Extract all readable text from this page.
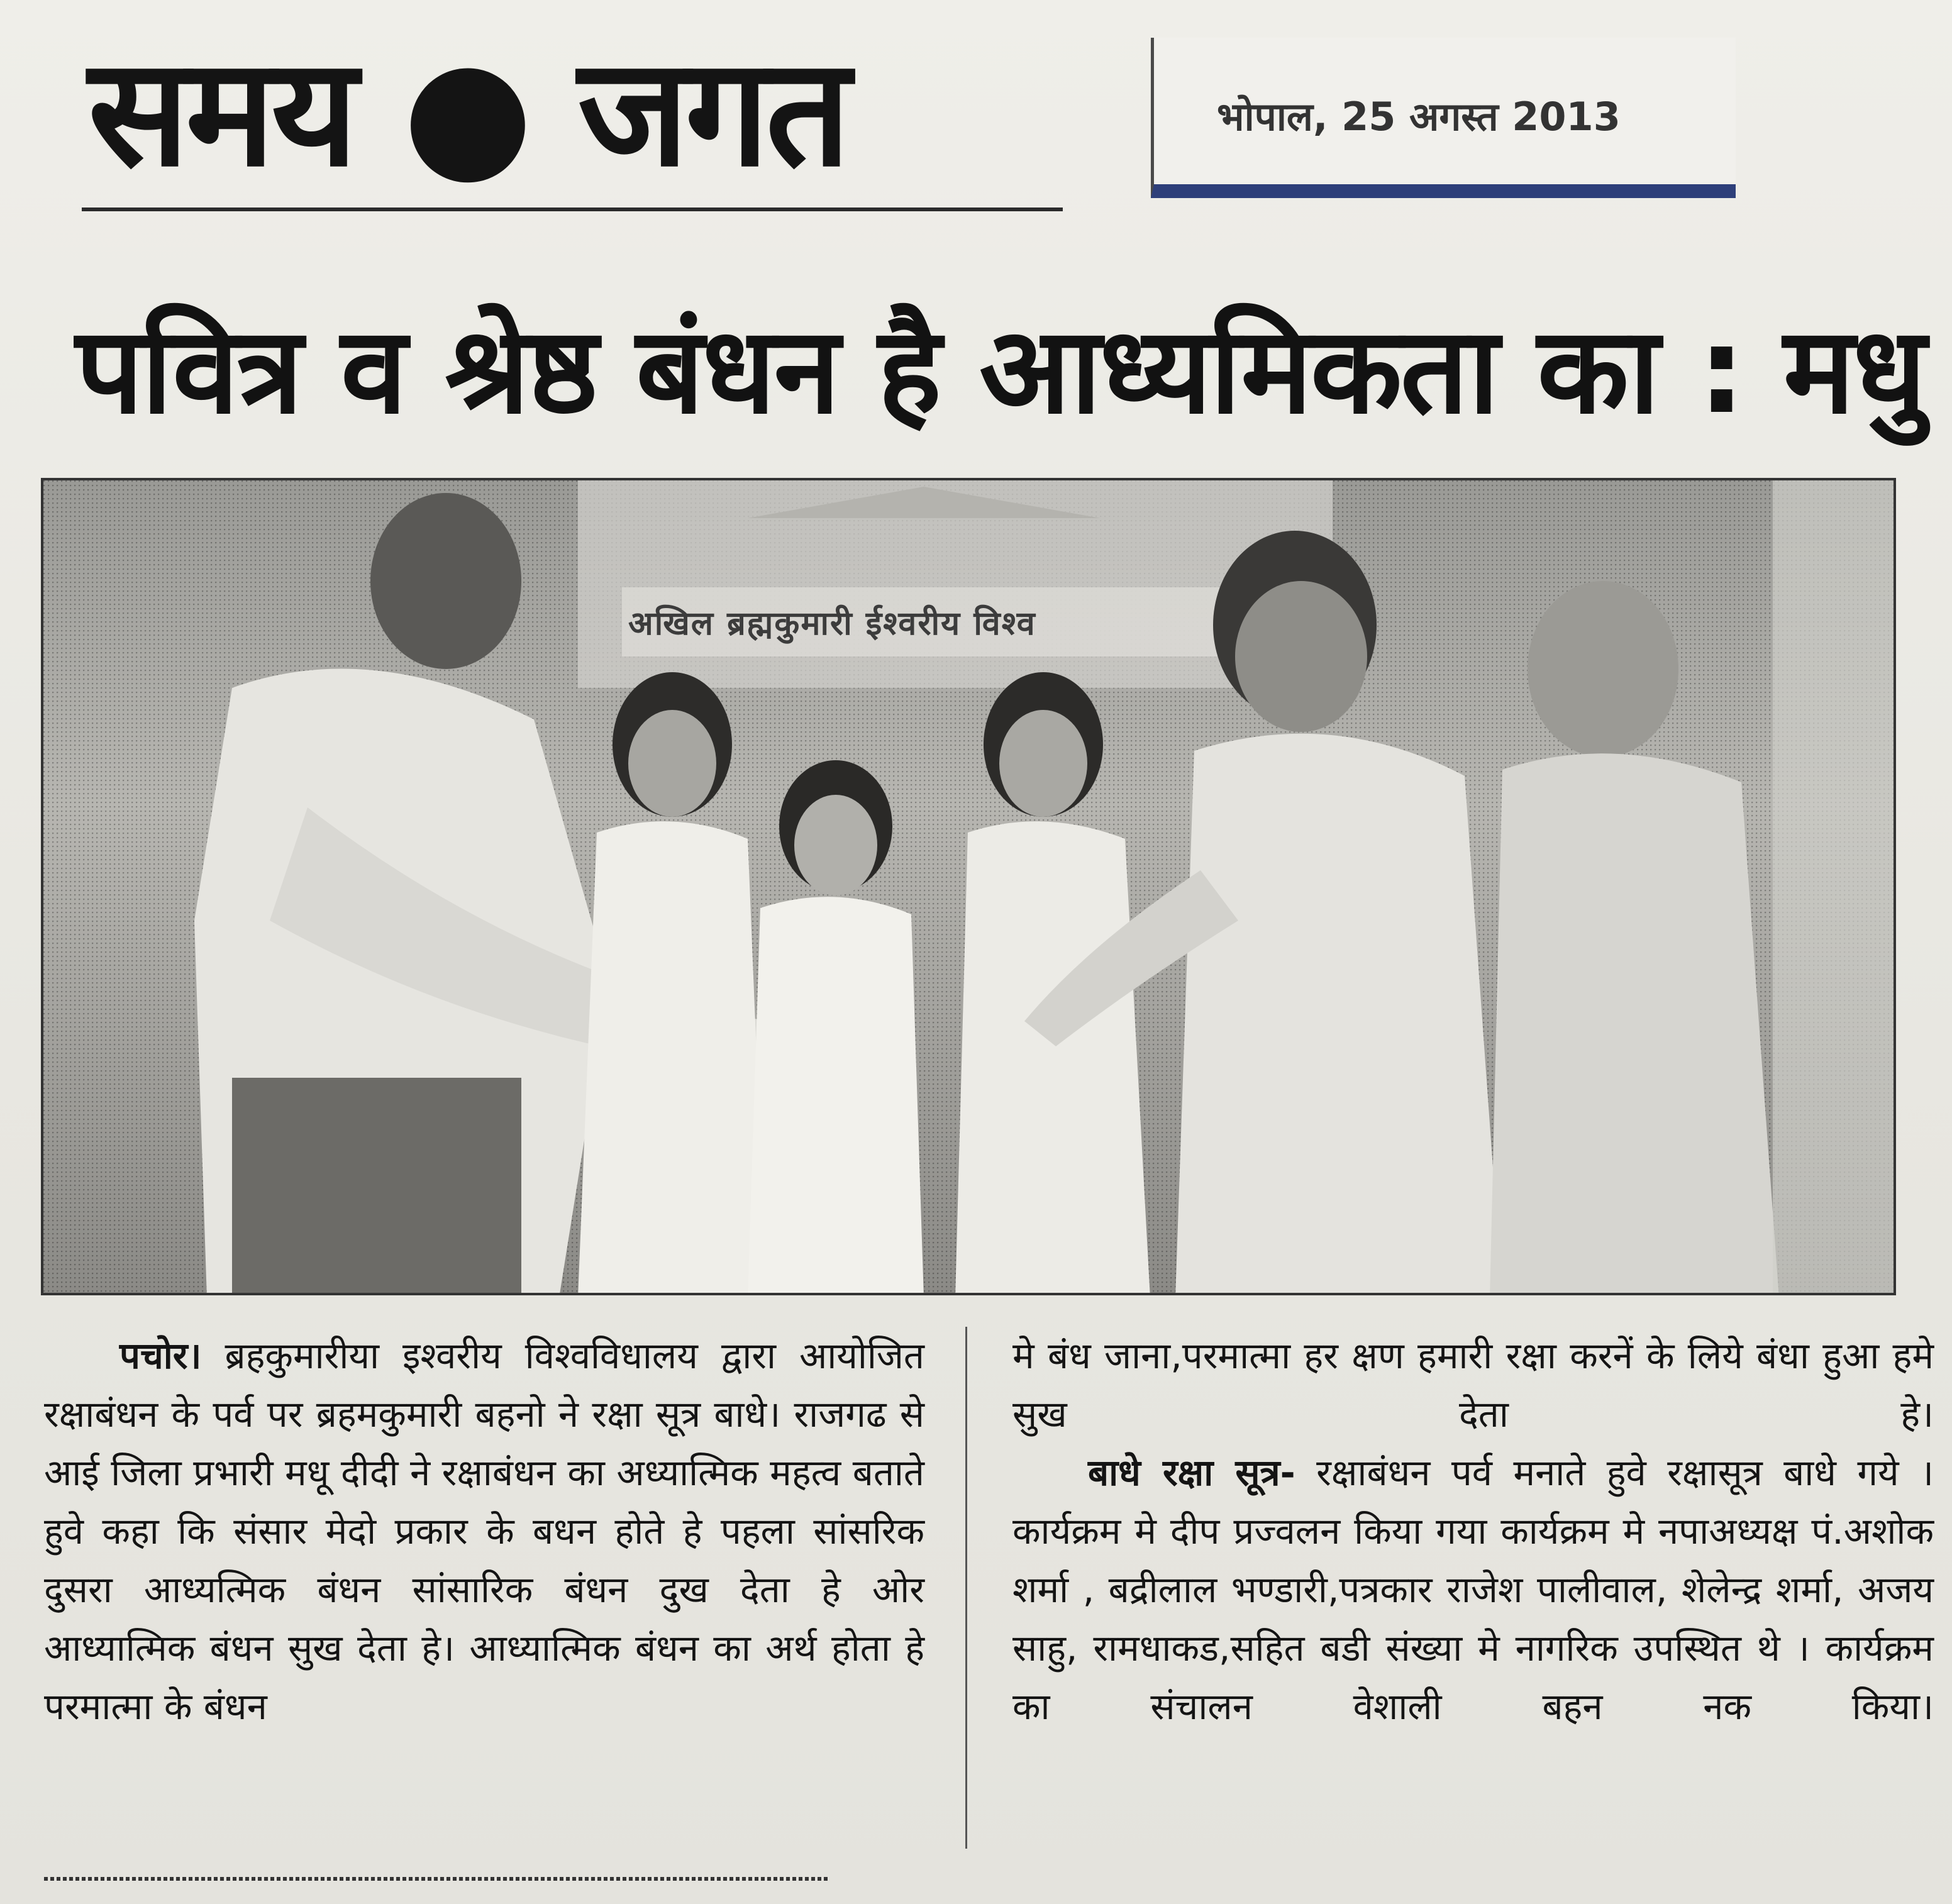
समय ● जगत	भोपाल, 25 अगस्त 2013
पवित्र व श्रेष्ठ बंधन है आध्यमिकता का : मधु
अखिल ब्रह्मकुमारी ईश्वरीय विश्व

पचोर। ब्रहकुमारीया इश्वरीय विश्वविधालय द्वारा आयोजित रक्षाबंधन के पर्व पर ब्रहमकुमारी बहनो ने रक्षा सूत्र बाधे। राजगढ से आई जिला प्रभारी मधू दीदी ने रक्षाबंधन का अध्यात्मिक महत्व बताते हुवे कहा कि संसार मेदो प्रकार के बधन होते हे पहला सांसरिक दुसरा आध्यत्मिक बंधन सांसारिक बंधन दुख देता हे ओर आध्यात्मिक बंधन सुख देता हे। आध्यात्मिक बंधन का अर्थ होता हे परमात्मा के बंधन

मे बंध जाना,परमात्मा हर क्षण हमारी रक्षा करनें के लिये बंधा हुआ हमे सुख देता हे।

बाधे रक्षा सूत्र- रक्षाबंधन पर्व मनाते हुवे रक्षासूत्र बाधे गये । कार्यक्रम मे दीप प्रज्वलन किया गया कार्यक्रम मे नपाअध्यक्ष पं.अशोक शर्मा , बद्रीलाल भण्डारी,पत्रकार राजेश पालीवाल, शेलेन्द्र शर्मा, अजय साहु, रामधाकड,सहित बडी संख्या मे नागरिक उपस्थित थे । कार्यक्रम का संचालन वेशाली बहन नक किया।
